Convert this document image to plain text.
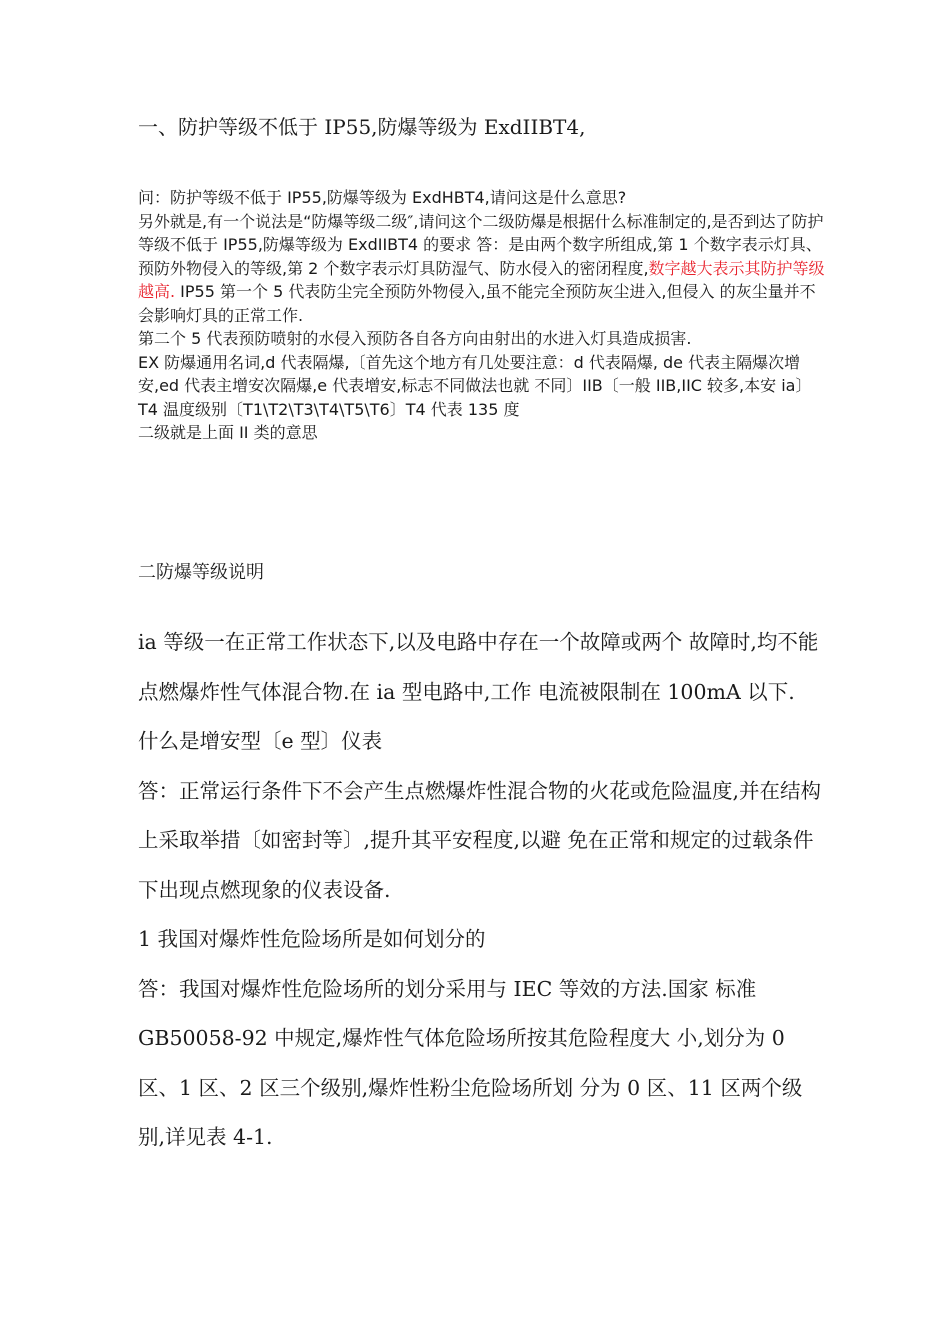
一、防护等级不低于 IP55,防爆等级为 ExdIIBT4,

问：防护等级不低于 IP55,防爆等级为 ExdHBT4,请问这是什么意思?

另外就是,有一个说法是“防爆等级二级″,请问这个二级防爆是根据什么标准制定的,是否到达了防护等级不低于 IP55,防爆等级为 ExdIIBT4 的要求 答：是由两个数字所组成,第 1 个数字表示灯具、预防外物侵入的等级,第 2 个数字表示灯具防湿气、防水侵入的密闭程度,数字越大表示其防护等级越高. IP55 第一个 5 代表防尘完全预防外物侵入,虽不能完全预防灰尘进入,但侵入 的灰尘量并不会影响灯具的正常工作.

第二个 5 代表预防喷射的水侵入预防各自各方向由射出的水进入灯具造成损害.

EX 防爆通用名词,d 代表隔爆,〔首先这个地方有几处要注意：d 代表隔爆, de 代表主隔爆次增安,ed 代表主增安次隔爆,e 代表增安,标志不同做法也就 不同〕IIB〔一般 IIB,IIC 较多,本安 ia〕T4 温度级别〔T1\T2\T3\T4\T5\T6〕T4 代表 135 度

二级就是上面 II 类的意思

二防爆等级说明

ia 等级一在正常工作状态下,以及电路中存在一个故障或两个 故障时,均不能点燃爆炸性气体混合物.在 ia 型电路中,工作 电流被限制在 100mA 以下.

什么是增安型〔e 型〕仪表

答：正常运行条件下不会产生点燃爆炸性混合物的火花或危险温度,并在结构上采取举措〔如密封等〕,提升其平安程度,以避 免在正常和规定的过载条件下出现点燃现象的仪表设备.

1 我国对爆炸性危险场所是如何划分的

答：我国对爆炸性危险场所的划分采用与 IEC 等效的方法.国家 标准 GB50058-92 中规定,爆炸性气体危险场所按其危险程度大 小,划分为 0 区、1 区、2 区三个级别,爆炸性粉尘危险场所划 分为 0 区、11 区两个级别,详见表 4-1.
